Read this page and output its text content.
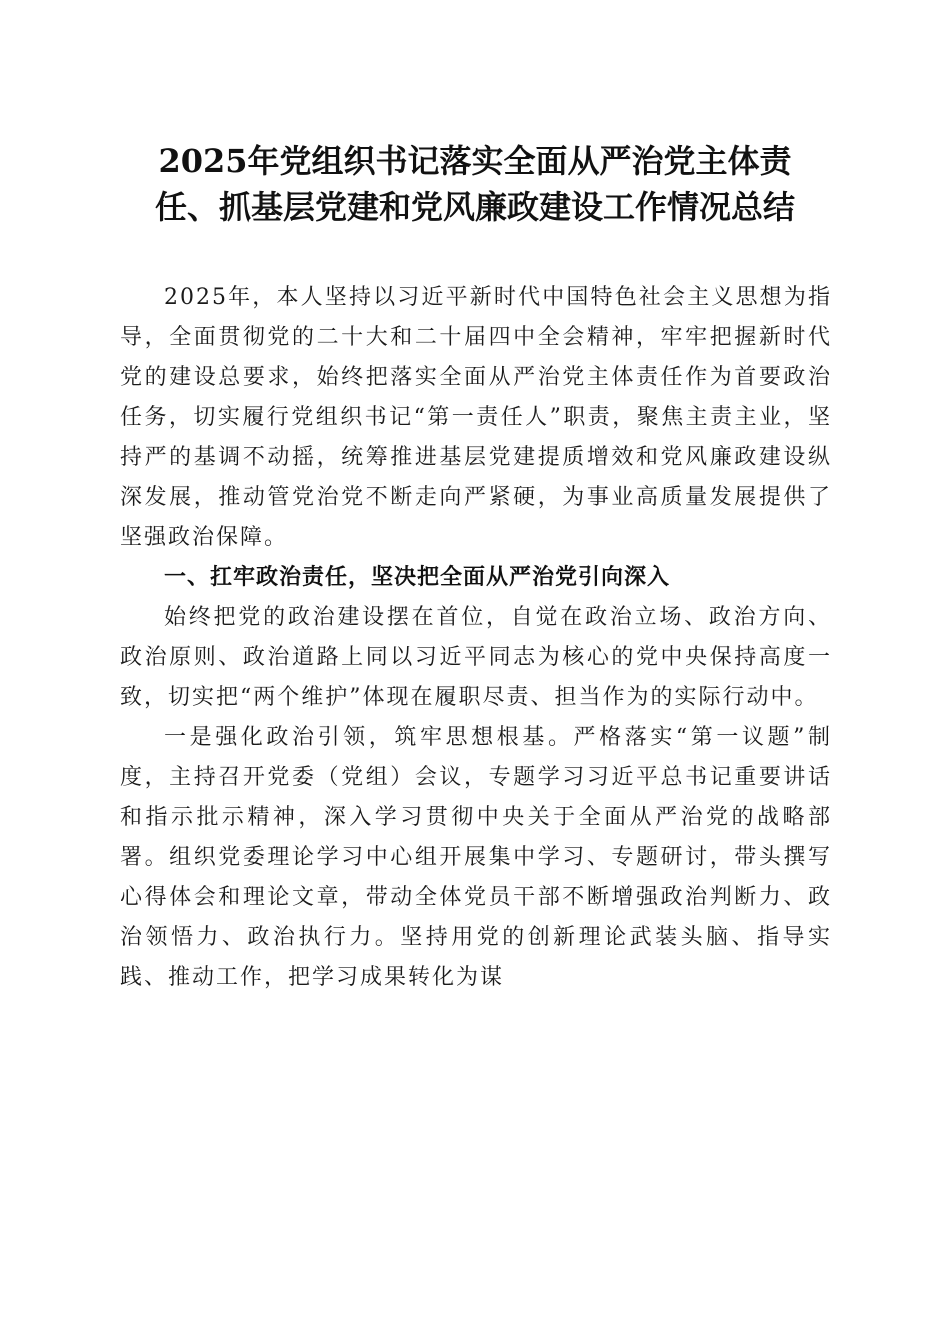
2025年党组织书记落实全面从严治党主体责
任、抓基层党建和党风廉政建设工作情况总结

2025年，本人坚持以习近平新时代中国特色社会主义思想为指导，全面贯彻党的二十大和二十届四中全会精神，牢牢把握新时代党的建设总要求，始终把落实全面从严治党主体责任作为首要政治任务，切实履行党组织书记“第一责任人”职责，聚焦主责主业，坚持严的基调不动摇，统筹推进基层党建提质增效和党风廉政建设纵深发展，推动管党治党不断走向严紧硬，为事业高质量发展提供了坚强政治保障。

一、扛牢政治责任，坚决把全面从严治党引向深入

始终把党的政治建设摆在首位，自觉在政治立场、政治方向、政治原则、政治道路上同以习近平同志为核心的党中央保持高度一致，切实把“两个维护”体现在履职尽责、担当作为的实际行动中。

一是强化政治引领，筑牢思想根基。严格落实“第一议题”制度，主持召开党委（党组）会议，专题学习习近平总书记重要讲话和指示批示精神，深入学习贯彻中央关于全面从严治党的战略部署。组织党委理论学习中心组开展集中学习、专题研讨，带头撰写心得体会和理论文章，带动全体党员干部不断增强政治判断力、政治领悟力、政治执行力。坚持用党的创新理论武装头脑、指导实践、推动工作，把学习成果转化为谋
